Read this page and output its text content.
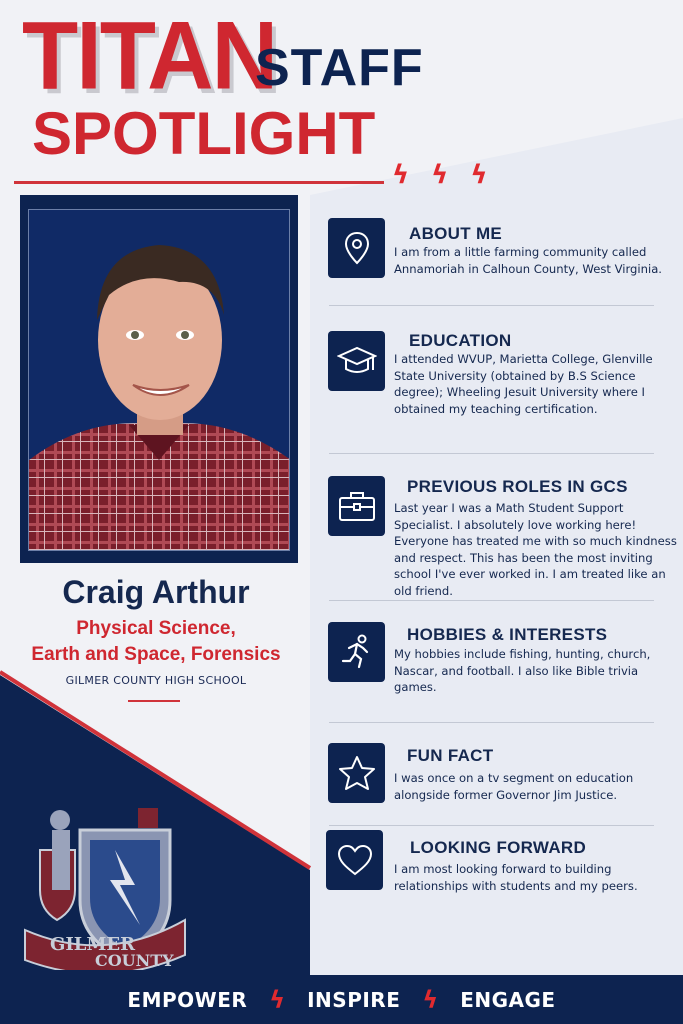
TITAN
STAFF
SPOTLIGHT
ϟ ϟ ϟ
Craig Arthur
Physical Science,
Earth and Space, Forensics
GILMER COUNTY HIGH SCHOOL
GILMER
COUNTY
ABOUT ME
I am from a little farming community called Annamoriah in Calhoun County, West Virginia.
EDUCATION
I attended WVUP, Marietta College, Glenville State University (obtained by B.S Science degree); Wheeling Jesuit University where I obtained my teaching certification.
PREVIOUS ROLES IN GCS
Last year I was a Math Student Support Specialist. I absolutely love working here! Everyone has treated me with so much kindness and respect. This has been the most inviting school I've ever worked in. I am treated like an old friend.
HOBBIES & INTERESTS
My hobbies include fishing, hunting, church, Nascar, and football. I also like Bible trivia games.
FUN FACT
I was once on a tv segment on education alongside former Governor Jim Justice.
LOOKING FORWARD
I am most looking forward to building relationships with students and my peers.
EMPOWER ϟ INSPIRE ϟ ENGAGE
